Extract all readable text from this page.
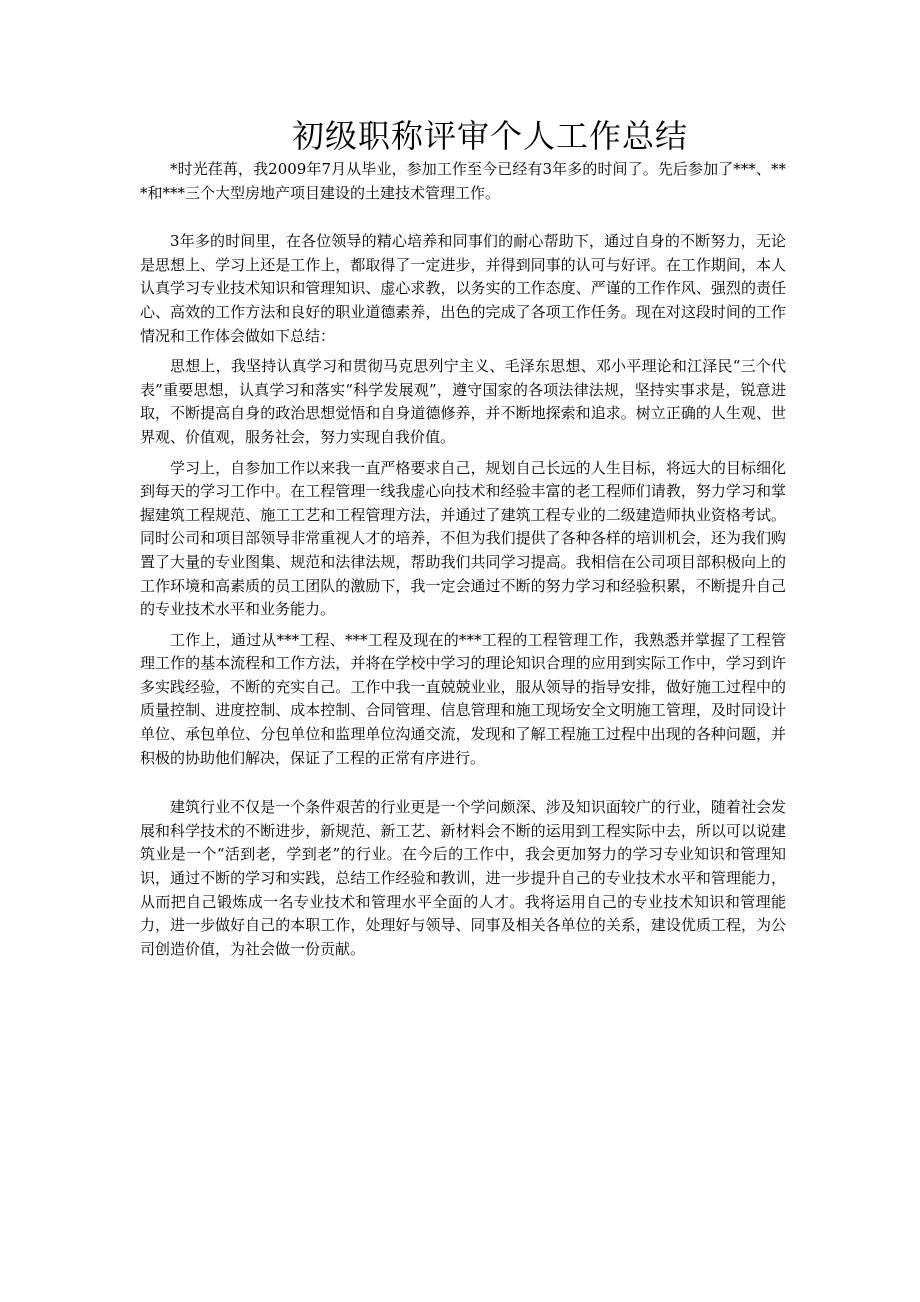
初级职称评审个人工作总结

*时光荏苒，我2009年7月从毕业，参加工作至今已经有3年多的时间了。先后参加了***、***和***三个大型房地产项目建设的土建技术管理工作。

3年多的时间里，在各位领导的精心培养和同事们的耐心帮助下，通过自身的不断努力，无论是思想上、学习上还是工作上，都取得了一定进步，并得到同事的认可与好评。在工作期间，本人认真学习专业技术知识和管理知识、虚心求教，以务实的工作态度、严谨的工作作风、强烈的责任心、高效的工作方法和良好的职业道德素养，出色的完成了各项工作任务。现在对这段时间的工作情况和工作体会做如下总结：

思想上，我坚持认真学习和贯彻马克思列宁主义、毛泽东思想、邓小平理论和江泽民“三个代表”重要思想，认真学习和落实“科学发展观”，遵守国家的各项法律法规，坚持实事求是，锐意进取，不断提高自身的政治思想觉悟和自身道德修养，并不断地探索和追求。树立正确的人生观、世界观、价值观，服务社会，努力实现自我价值。

学习上，自参加工作以来我一直严格要求自己，规划自己长远的人生目标，将远大的目标细化到每天的学习工作中。在工程管理一线我虚心向技术和经验丰富的老工程师们请教，努力学习和掌握建筑工程规范、施工工艺和工程管理方法，并通过了建筑工程专业的二级建造师执业资格考试。同时公司和项目部领导非常重视人才的培养，不但为我们提供了各种各样的培训机会，还为我们购置了大量的专业图集、规范和法律法规，帮助我们共同学习提高。我相信在公司项目部积极向上的工作环境和高素质的员工团队的激励下，我一定会通过不断的努力学习和经验积累，不断提升自己的专业技术水平和业务能力。

工作上，通过从***工程、***工程及现在的***工程的工程管理工作，我熟悉并掌握了工程管理工作的基本流程和工作方法，并将在学校中学习的理论知识合理的应用到实际工作中，学习到许多实践经验，不断的充实自己。工作中我一直兢兢业业，服从领导的指导安排，做好施工过程中的质量控制、进度控制、成本控制、合同管理、信息管理和施工现场安全文明施工管理，及时同设计单位、承包单位、分包单位和监理单位沟通交流，发现和了解工程施工过程中出现的各种问题，并积极的协助他们解决，保证了工程的正常有序进行。

建筑行业不仅是一个条件艰苦的行业更是一个学问颇深、涉及知识面较广的行业，随着社会发展和科学技术的不断进步，新规范、新工艺、新材料会不断的运用到工程实际中去，所以可以说建筑业是一个“活到老，学到老”的行业。在今后的工作中，我会更加努力的学习专业知识和管理知识，通过不断的学习和实践，总结工作经验和教训，进一步提升自己的专业技术水平和管理能力，从而把自己锻炼成一名专业技术和管理水平全面的人才。我将运用自己的专业技术知识和管理能力，进一步做好自己的本职工作，处理好与领导、同事及相关各单位的关系，建设优质工程，为公司创造价值，为社会做一份贡献。
